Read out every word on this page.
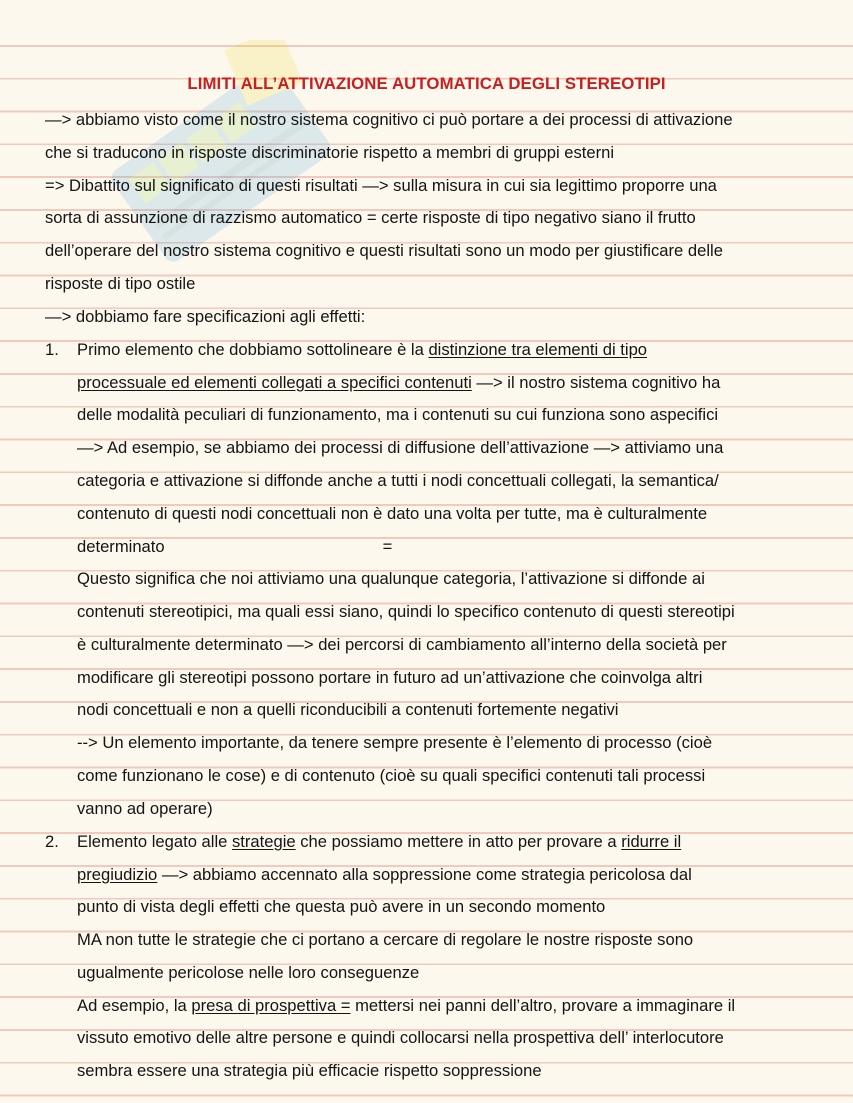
LIMITI ALL’ATTIVAZIONE AUTOMATICA DEGLI STEREOTIPI

—> abbiamo visto come il nostro sistema cognitivo ci può portare a dei processi di attivazione

che si traducono in risposte discriminatorie rispetto a membri di gruppi esterni

=> Dibattito sul significato di questi risultati —> sulla misura in cui sia legittimo proporre una

sorta di assunzione di razzismo automatico = certe risposte di tipo negativo siano il frutto

dell’operare del nostro sistema cognitivo e questi risultati sono un modo per giustificare delle

risposte di tipo ostile

—> dobbiamo fare specificazioni agli effetti:

1. Primo elemento che dobbiamo sottolineare è la distinzione tra elementi di tipo

processuale ed elementi collegati a specifici contenuti —> il nostro sistema cognitivo ha

delle modalità peculiari di funzionamento, ma i contenuti su cui funziona sono aspecifici

—> Ad esempio, se abbiamo dei processi di diffusione dell’attivazione —> attiviamo una

categoria e attivazione si diffonde anche a tutti i nodi concettuali collegati, la semantica/

contenuto di questi nodi concettuali non è dato una volta per tutte, ma è culturalmente

determinato	=

Questo significa che noi attiviamo una qualunque categoria, l’attivazione si diffonde ai

contenuti stereotipici, ma quali essi siano, quindi lo specifico contenuto di questi stereotipi

è culturalmente determinato —> dei percorsi di cambiamento all’interno della società per

modificare gli stereotipi possono portare in futuro ad un’attivazione che coinvolga altri

nodi concettuali e non a quelli riconducibili a contenuti fortemente negativi

--> Un elemento importante, da tenere sempre presente è l’elemento di processo (cioè

come funzionano le cose) e di contenuto (cioè su quali specifici contenuti tali processi

vanno ad operare)

2. Elemento legato alle strategie che possiamo mettere in atto per provare a ridurre il

pregiudizio —> abbiamo accennato alla soppressione come strategia pericolosa dal

punto di vista degli effetti che questa può avere in un secondo momento

MA non tutte le strategie che ci portano a cercare di regolare le nostre risposte sono

ugualmente pericolose nelle loro conseguenze

Ad esempio, la presa di prospettiva = mettersi nei panni dell’altro, provare a immaginare il

vissuto emotivo delle altre persone e quindi collocarsi nella prospettiva dell’ interlocutore

sembra essere una strategia più efficacie rispetto soppressione
